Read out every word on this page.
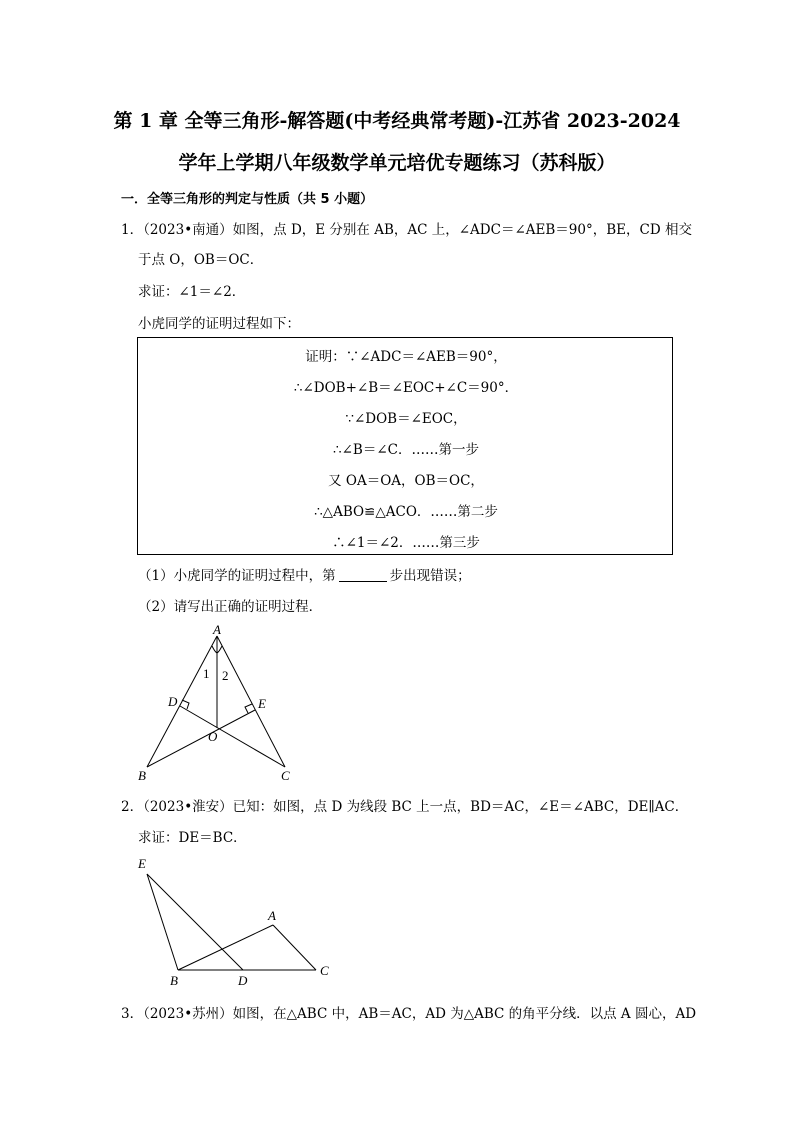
第 1 章 全等三角形-解答题(中考经典常考题)-江苏省 2023-2024
学年上学期八年级数学单元培优专题练习（苏科版）
一．全等三角形的判定与性质（共 5 小题）
1．（2023•南通）如图，点 D，E 分别在 AB，AC 上，∠ADC＝∠AEB＝90°，BE，CD 相交
于点 O，OB＝OC．
求证：∠1＝∠2．
小虎同学的证明过程如下：
证明：∵∠ADC＝∠AEB＝90°，
∴∠DOB+∠B＝∠EOC+∠C＝90°．
∵∠DOB＝∠EOC，
∴∠B＝∠C．……第一步
又 OA＝OA，OB＝OC，
∴△ABO≌△ACO．……第二步
∴∠1＝∠2．……第三步
（1）小虎同学的证明过程中，第	步出现错误；
（2）请写出正确的证明过程．
A
B	C
D	E
O
1 2
2．（2023•淮安）已知：如图，点 D 为线段 BC 上一点，BD＝AC，∠E＝∠ABC，DE∥AC．
求证：DE＝BC．
E
A
B	D
C
3．（2023•苏州）如图，在△ABC 中，AB＝AC，AD 为△ABC 的角平分线．以点 A 圆心，AD
